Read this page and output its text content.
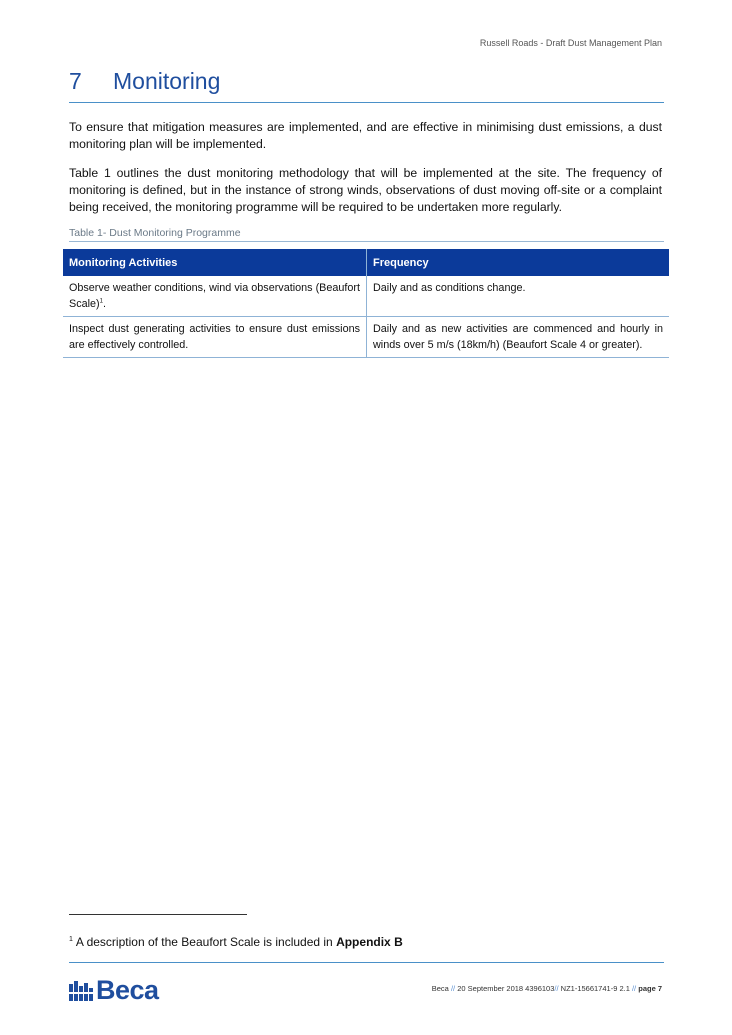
Russell Roads - Draft Dust Management Plan
7 Monitoring

To ensure that mitigation measures are implemented, and are effective in minimising dust emissions, a dust monitoring plan will be implemented.

Table 1 outlines the dust monitoring methodology that will be implemented at the site. The frequency of monitoring is defined, but in the instance of strong winds, observations of dust moving off-site or a complaint being received, the monitoring programme will be required to be undertaken more regularly.

Table 1- Dust Monitoring Programme
Monitoring Activities	Frequency
Observe weather conditions, wind via observations (Beaufort Scale)$^1$.	Daily and as conditions change.
Inspect dust generating activities to ensure dust emissions are effectively controlled.	Daily and as new activities are commenced and hourly in winds over 5 m/s (18km/h) (Beaufort Scale 4 or greater).
$^1$ A description of the Beaufort Scale is included in Appendix B
Beca	Beca // 20 September 2018 4396103// NZ1-15661741-9 2.1 // page 7
